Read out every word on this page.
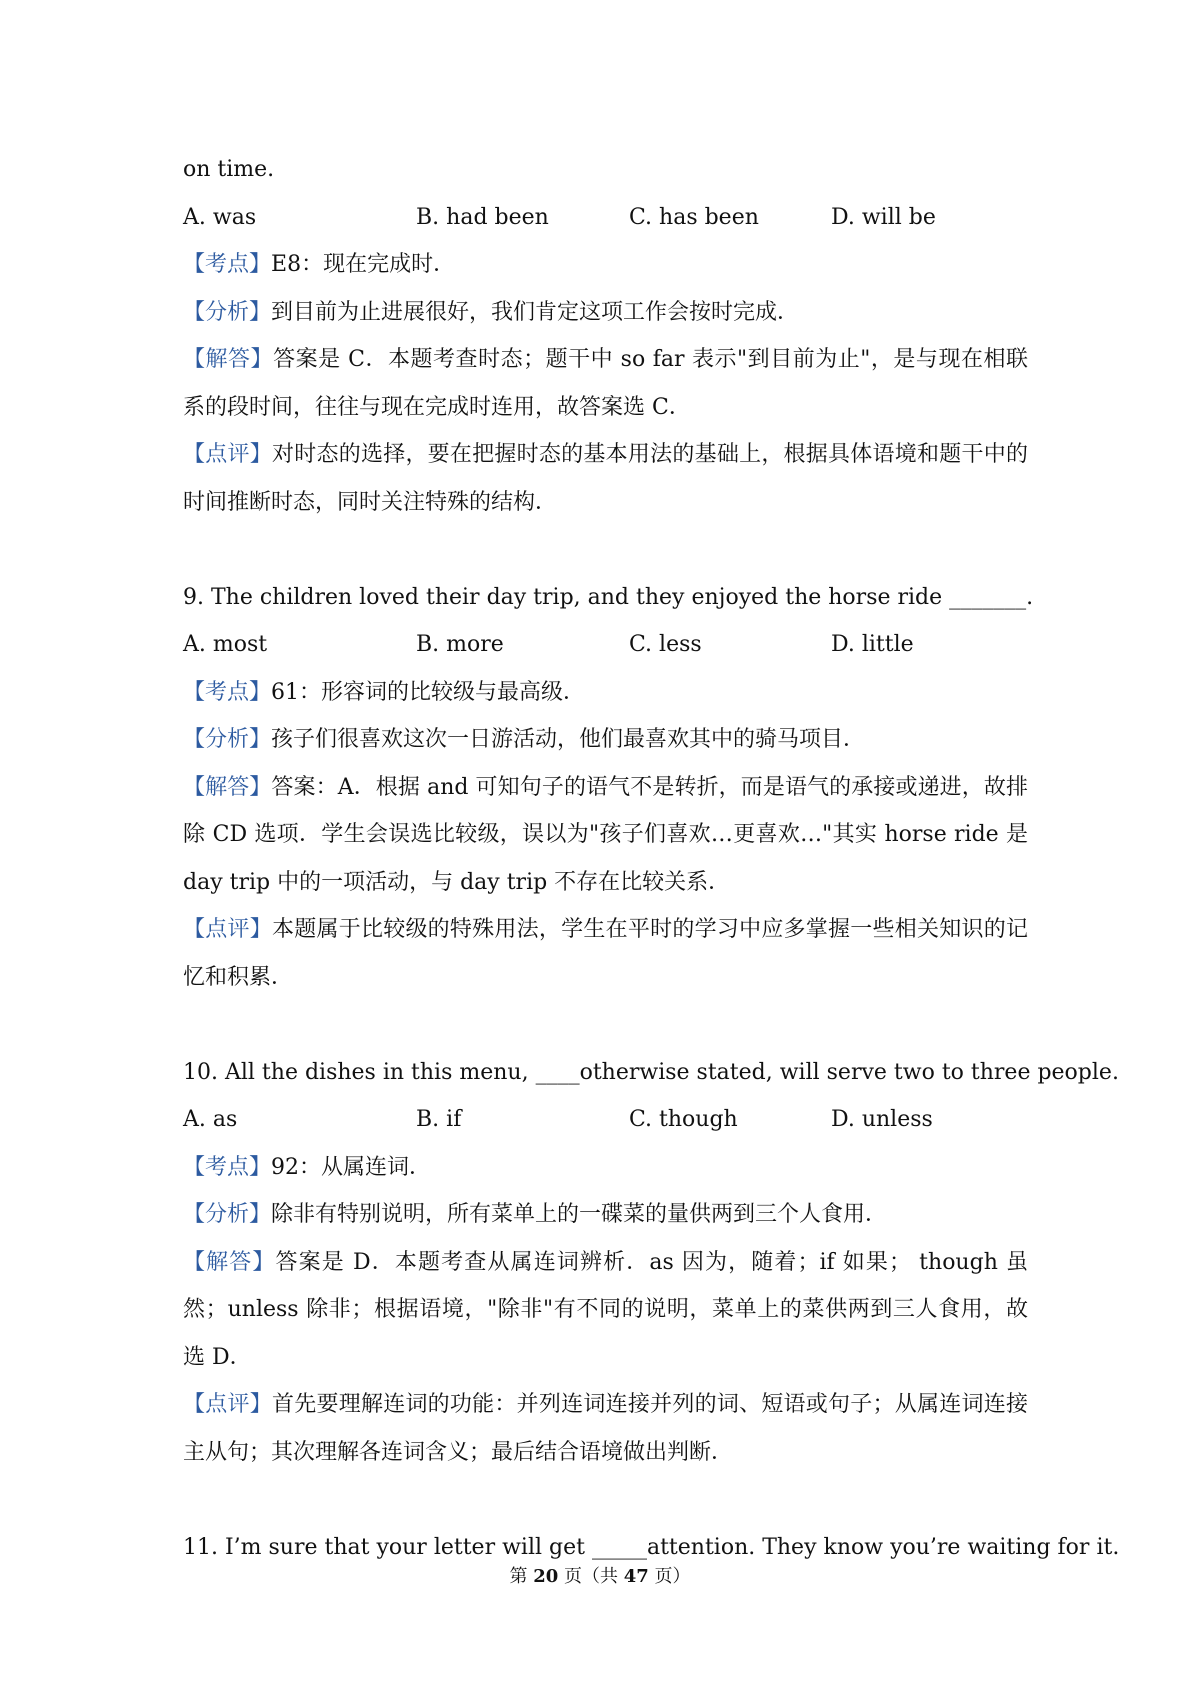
on time.
A. was	B. had been	C. has been	D. will be
【考点】E8：现在完成时．
【分析】到目前为止进展很好，我们肯定这项工作会按时完成．
【解答】答案是 C．本题考查时态；题干中 so far 表示"到目前为止"，是与现在相联系的段时间，往往与现在完成时连用，故答案选 C．
【点评】对时态的选择，要在把握时态的基本用法的基础上，根据具体语境和题干中的时间推断时态，同时关注特殊的结构．
9. The children loved their day trip, and they enjoyed the horse ride _______.
A. most	B. more	C. less	D. little
【考点】61：形容词的比较级与最高级．
【分析】孩子们很喜欢这次一日游活动，他们最喜欢其中的骑马项目．
【解答】答案：A．根据 and 可知句子的语气不是转折，而是语气的承接或递进，故排除 CD 选项．学生会误选比较级，误以为"孩子们喜欢…更喜欢…"其实 horse ride 是 day trip 中的一项活动，与 day trip 不存在比较关系．
【点评】本题属于比较级的特殊用法，学生在平时的学习中应多掌握一些相关知识的记忆和积累．
10. All the dishes in this menu, ____otherwise stated, will serve two to three people.
A. as	B. if	C. though	D. unless
【考点】92：从属连词．
【分析】除非有特别说明，所有菜单上的一碟菜的量供两到三个人食用．
【解答】答案是 D．本题考查从属连词辨析．as 因为，随着；if 如果； though 虽然；unless 除非；根据语境，"除非"有不同的说明，菜单上的菜供两到三人食用，故选 D．
【点评】首先要理解连词的功能：并列连词连接并列的词、短语或句子；从属连词连接主从句；其次理解各连词含义；最后结合语境做出判断．
11. I’m sure that your letter will get _____attention. They know you’re waiting for it.
第 20 页（共 47 页）
